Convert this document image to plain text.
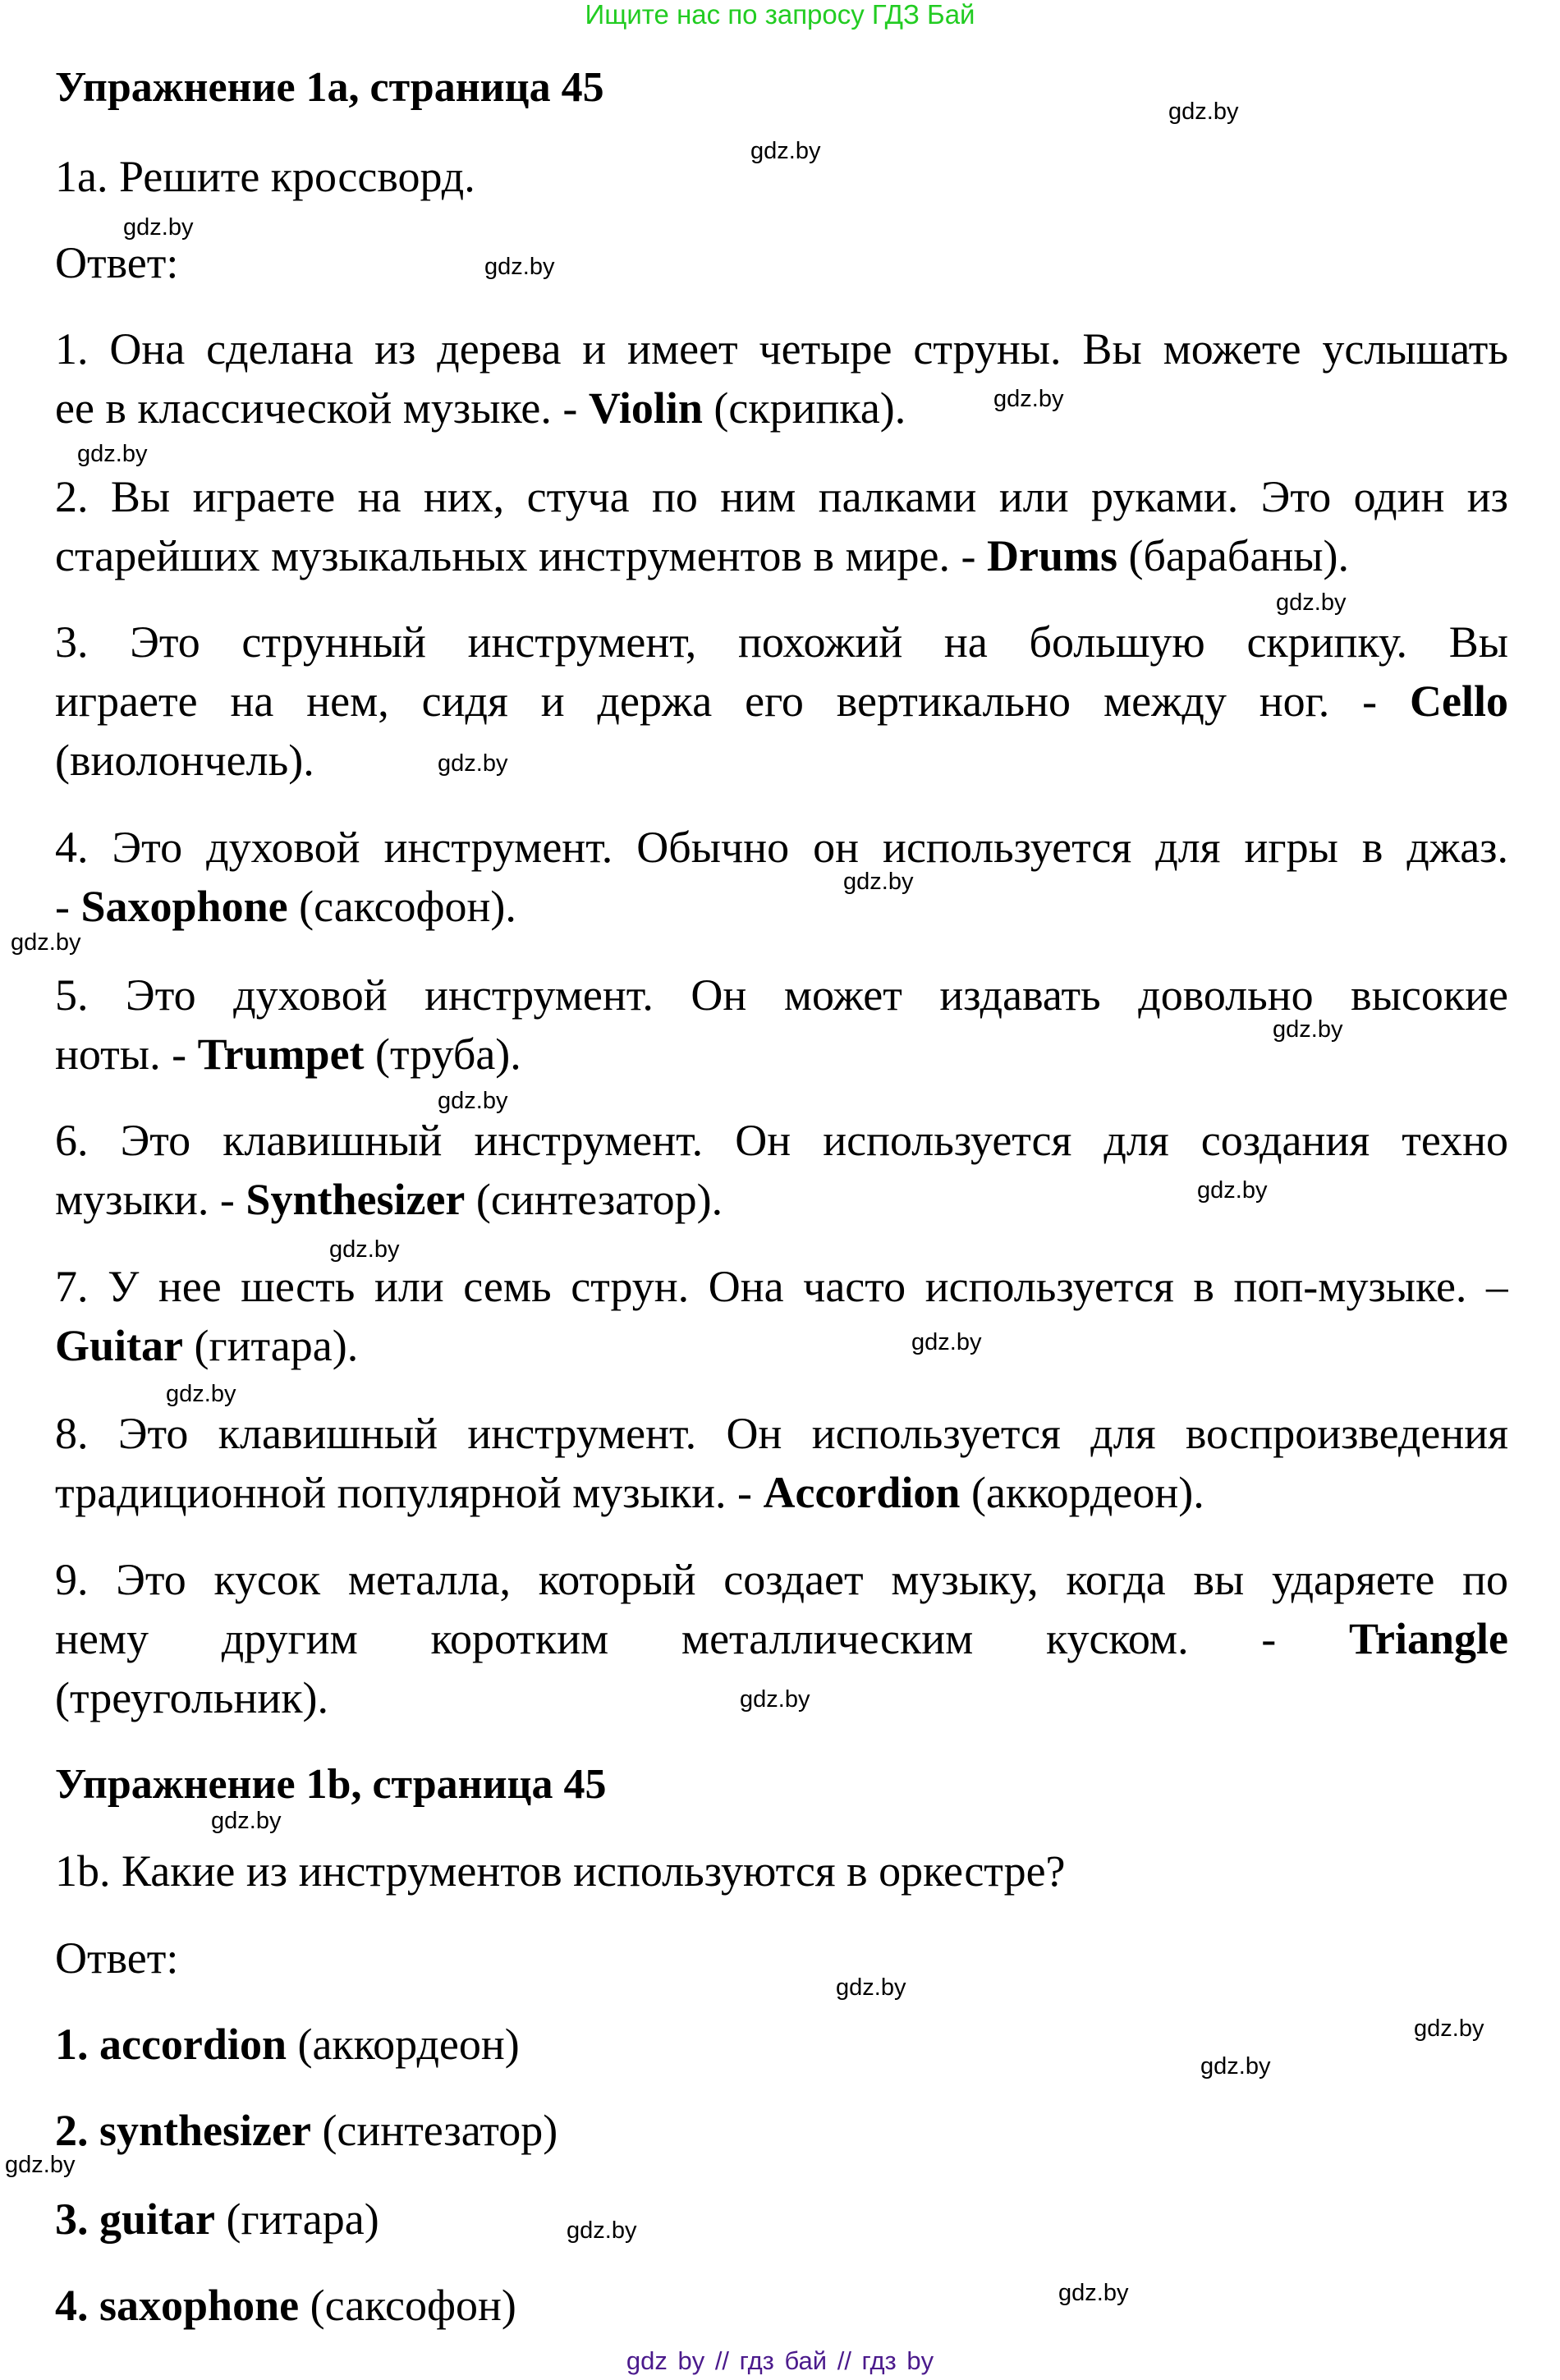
Ищите нас по запросу ГДЗ Бай
Упражнение 1a, страница 45
1a. Решите кроссворд.
Ответ:
1. Она сделана из дерева и имеет четыре струны. Вы можете услышать
ее в классической музыке. - Violin (скрипка).
2. Вы играете на них, стуча по ним палками или руками. Это один из
старейших музыкальных инструментов в мире. - Drums (барабаны).
3. Это струнный инструмент, похожий на большую скрипку. Вы
играете на нем, сидя и держа его вертикально между ног. - Cello
(виолончель).
4. Это духовой инструмент. Обычно он используется для игры в джаз.
- Saxophone (саксофон).
5. Это духовой инструмент. Он может издавать довольно высокие
ноты. - Trumpet (труба).
6. Это клавишный инструмент. Он используется для создания техно
музыки. - Synthesizer (синтезатор).
7. У нее шесть или семь струн. Она часто используется в поп-музыке. –
Guitar (гитара).
8. Это клавишный инструмент. Он используется для воспроизведения
традиционной популярной музыки. - Accordion (аккордеон).
9. Это кусок металла, который создает музыку, когда вы ударяете по
нему другим коротким металлическим куском. - Triangle
(треугольник).
Упражнение 1b, страница 45
1b. Какие из инструментов используются в оркестре?
Ответ:
1. accordion (аккордеон)
2. synthesizer (синтезатор)
3. guitar (гитара)
4. saxophone (саксофон)
gdz by // гдз бай // гдз by
gdz.by
gdz.by
gdz.by
gdz.by
gdz.by
gdz.by
gdz.by
gdz.by
gdz.by
gdz.by
gdz.by
gdz.by
gdz.by
gdz.by
gdz.by
gdz.by
gdz.by
gdz.by
gdz.by
gdz.by
gdz.by
gdz.by
gdz.by
gdz.by
